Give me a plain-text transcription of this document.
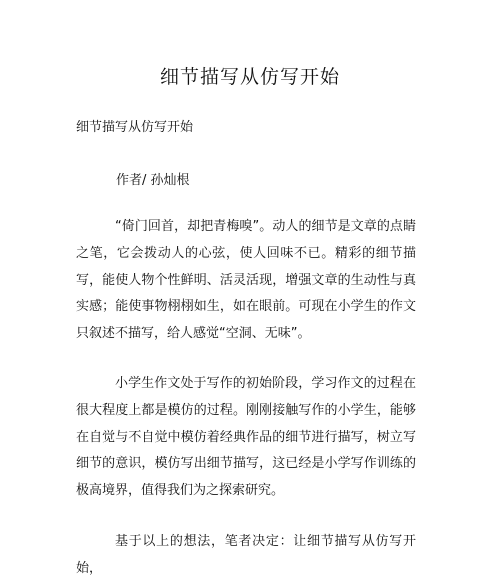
细节描写从仿写开始
细节描写从仿写开始
作者/ 孙灿根

“倚门回首，却把青梅嗅”。动人的细节是文章的点睛之笔，它会拨动人的心弦，使人回味不已。精彩的细节描写，能使人物个性鲜明、活灵活现，增强文章的生动性与真实感；能使事物栩栩如生，如在眼前。可现在小学生的作文只叙述不描写，给人感觉“空洞、无味”。

小学生作文处于写作的初始阶段，学习作文的过程在很大程度上都是模仿的过程。刚刚接触写作的小学生，能够在自觉与不自觉中模仿着经典作品的细节进行描写，树立写细节的意识，模仿写出细节描写，这已经是小学写作训练的极高境界，值得我们为之探索研究。

基于以上的想法，笔者决定：让细节描写从仿写开始，
